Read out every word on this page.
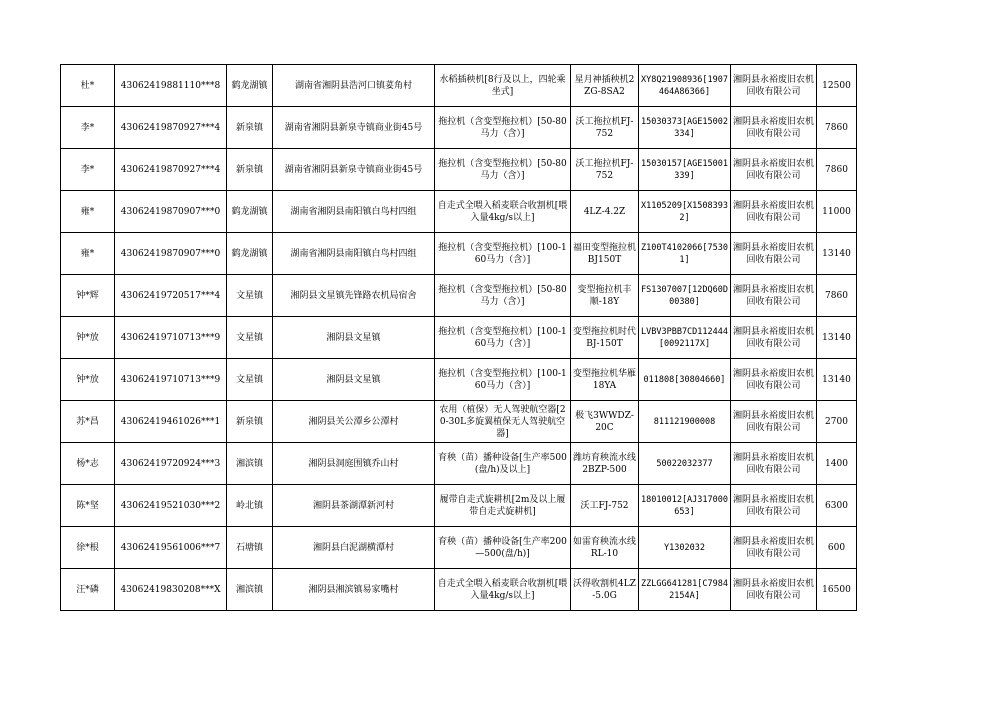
杜*	43062419881110***8	鹤龙湖镇	湖南省湘阴县浩河口镇荽角村	水稻插秧机[8行及以上，四轮乘坐式]	星月神插秧机2ZG-8SA2	XY8Q21908936[1907464A86366]	湘阴县永裕废旧农机回收有限公司	12500
李*	43062419870927***4	新泉镇	湖南省湘阴县新泉寺镇商业街45号	拖拉机（含变型拖拉机）[50-80马力（含）]	沃工拖拉机FJ-752	15030373[AGE15002334]	湘阴县永裕废旧农机回收有限公司	7860
李*	43062419870927***4	新泉镇	湖南省湘阴县新泉寺镇商业街45号	拖拉机（含变型拖拉机）[50-80马力（含）]	沃工拖拉机FJ-752	15030157[AGE15001339]	湘阴县永裕废旧农机回收有限公司	7860
雍*	43062419870907***0	鹤龙湖镇	湖南省湘阴县南阳镇白鸟村四组	自走式全喂入稻麦联合收割机[喂入量4kg/s以上]	4LZ-4.2Z	X1105209[X15083932]	湘阴县永裕废旧农机回收有限公司	11000
雍*	43062419870907***0	鹤龙湖镇	湖南省湘阴县南阳镇白鸟村四组	拖拉机（含变型拖拉机）[100-160马力（含）]	福田变型拖拉机BJ150T	Z100T4102066[75301]	湘阴县永裕废旧农机回收有限公司	13140
钟*辉	43062419720517***4	文星镇	湘阴县文星镇先锋路农机局宿舍	拖拉机（含变型拖拉机）[50-80马力（含）]	变型拖拉机丰顺-18Y	FS1307007[12DQ60D00380]	湘阴县永裕废旧农机回收有限公司	7860
钟*放	43062419710713***9	文星镇	湘阴县文星镇	拖拉机（含变型拖拉机）[100-160马力（含）]	变型拖拉机时代BJ-150T	LVBV3PBB7CD112444[0092117X]	湘阴县永裕废旧农机回收有限公司	13140
钟*放	43062419710713***9	文星镇	湘阴县文星镇	拖拉机（含变型拖拉机）[100-160马力（含）]	变型拖拉机华雁18YA	011808[30804660]	湘阴县永裕废旧农机回收有限公司	13140
苏*昌	43062419461026***1	新泉镇	湘阴县关公潭乡公潭村	农用（植保）无人驾驶航空器[20-30L多旋翼植保无人驾驶航空器]	极飞3WWDZ-20C	811121900008	湘阴县永裕废旧农机回收有限公司	2700
杨*志	43062419720924***3	湘滨镇	湘阴县洞庭围镇乔山村	育秧（苗）播种设备[生产率500(盘/h)及以上]	潍坊育秧流水线2BZP-500	50022032377	湘阴县永裕废旧农机回收有限公司	1400
陈*坚	43062419521030***2	岭北镇	湘阴县茶湖潭新河村	履带自走式旋耕机[2m及以上履带自走式旋耕机]	沃工FJ-752	18010012[AJ317000653]	湘阴县永裕废旧农机回收有限公司	6300
徐*根	43062419561006***7	石塘镇	湘阴县白泥湖横潭村	育秧（苗）播种设备[生产率200—500(盘/h)]	如雷育秧流水线RL-10	Y1302032	湘阴县永裕废旧农机回收有限公司	600
汪*磷	43062419830208***X	湘滨镇	湘阴县湘滨镇易家嘴村	自走式全喂入稻麦联合收割机[喂入量4kg/s以上]	沃得收割机4LZ-5.0G	ZZLGG641281[C79842154A]	湘阴县永裕废旧农机回收有限公司	16500
